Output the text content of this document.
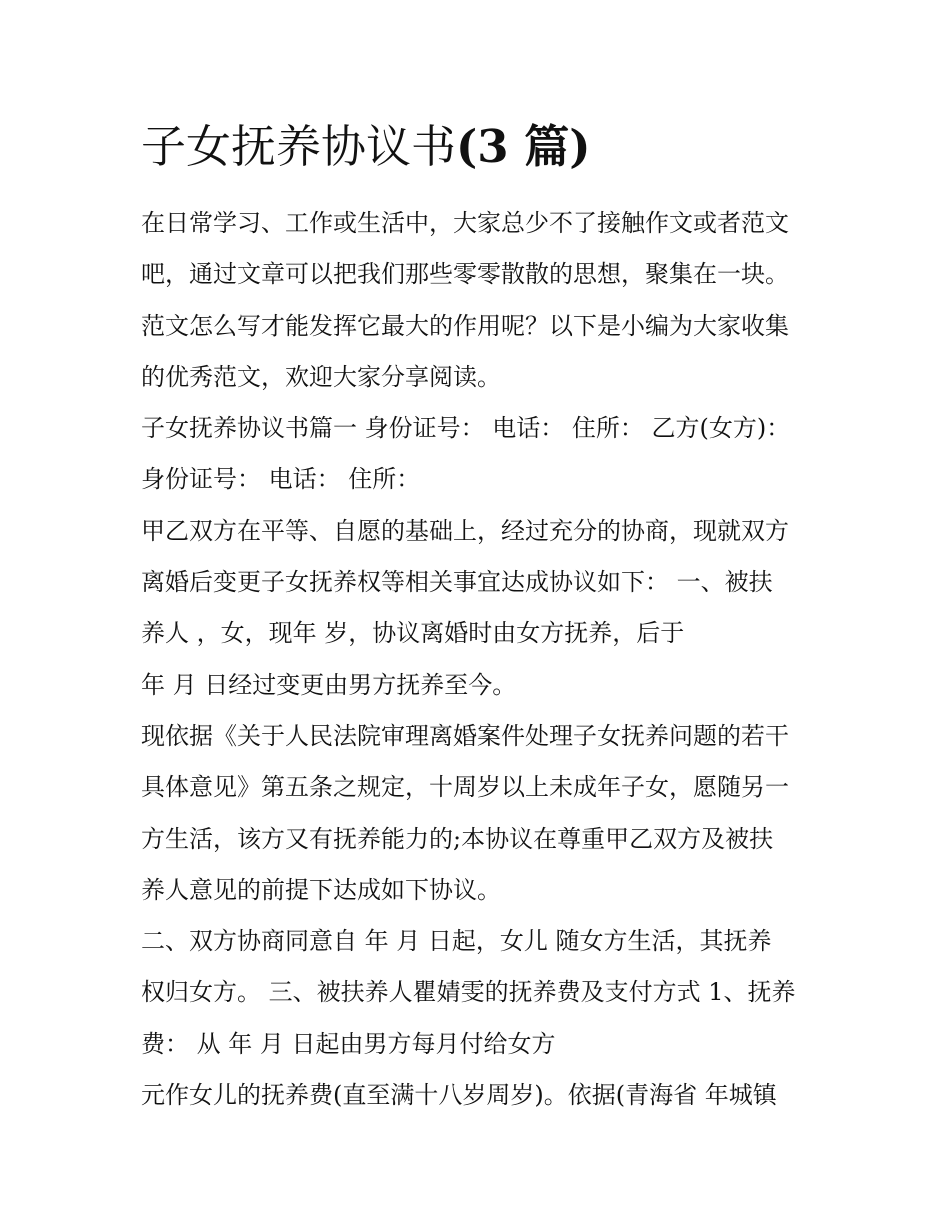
子女抚养协议书(3 篇)
在日常学习、工作或生活中，大家总少不了接触作文或者范文
吧，通过文章可以把我们那些零零散散的思想，聚集在一块。
范文怎么写才能发挥它最大的作用呢？以下是小编为大家收集
的优秀范文，欢迎大家分享阅读。
子女抚养协议书篇一 身份证号： 电话： 住所： 乙方(女方)：
身份证号： 电话： 住所：
甲乙双方在平等、自愿的基础上，经过充分的协商，现就双方
离婚后变更子女抚养权等相关事宜达成协议如下： 一、被扶
养人 ，女，现年 岁，协议离婚时由女方抚养，后于
年 月 日经过变更由男方抚养至今。
现依据《关于人民法院审理离婚案件处理子女抚养问题的若干
具体意见》第五条之规定，十周岁以上未成年子女，愿随另一
方生活，该方又有抚养能力的;本协议在尊重甲乙双方及被扶
养人意见的前提下达成如下协议。
二、双方协商同意自 年 月 日起，女儿 随女方生活，其抚养
权归女方。 三、被扶养人瞿婧雯的抚养费及支付方式 1、抚养
费： 从 年 月 日起由男方每月付给女方
元作女儿的抚养费(直至满十八岁周岁)。依据(青海省 年城镇
